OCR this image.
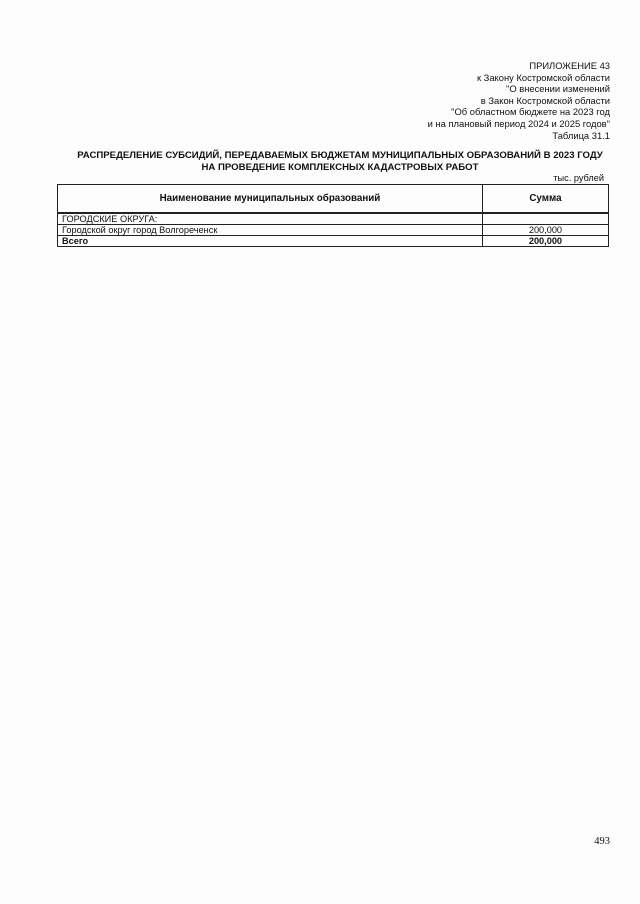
ПРИЛОЖЕНИЕ 43
к Закону Костромской области
"О внесении изменений
в Закон Костромской области
"Об областном бюджете на 2023 год
и на плановый период 2024 и 2025 годов"
Таблица 31.1
РАСПРЕДЕЛЕНИЕ СУБСИДИЙ, ПЕРЕДАВАЕМЫХ БЮДЖЕТАМ МУНИЦИПАЛЬНЫХ ОБРАЗОВАНИЙ В 2023 ГОДУ
НА ПРОВЕДЕНИЕ КОМПЛЕКСНЫХ КАДАСТРОВЫХ РАБОТ
тыс. рублей
Наименование муниципальных образований	Сумма
ГОРОДСКИЕ ОКРУГА:	
Городской округ город Волгореченск	200,000
Всего	200,000
493
